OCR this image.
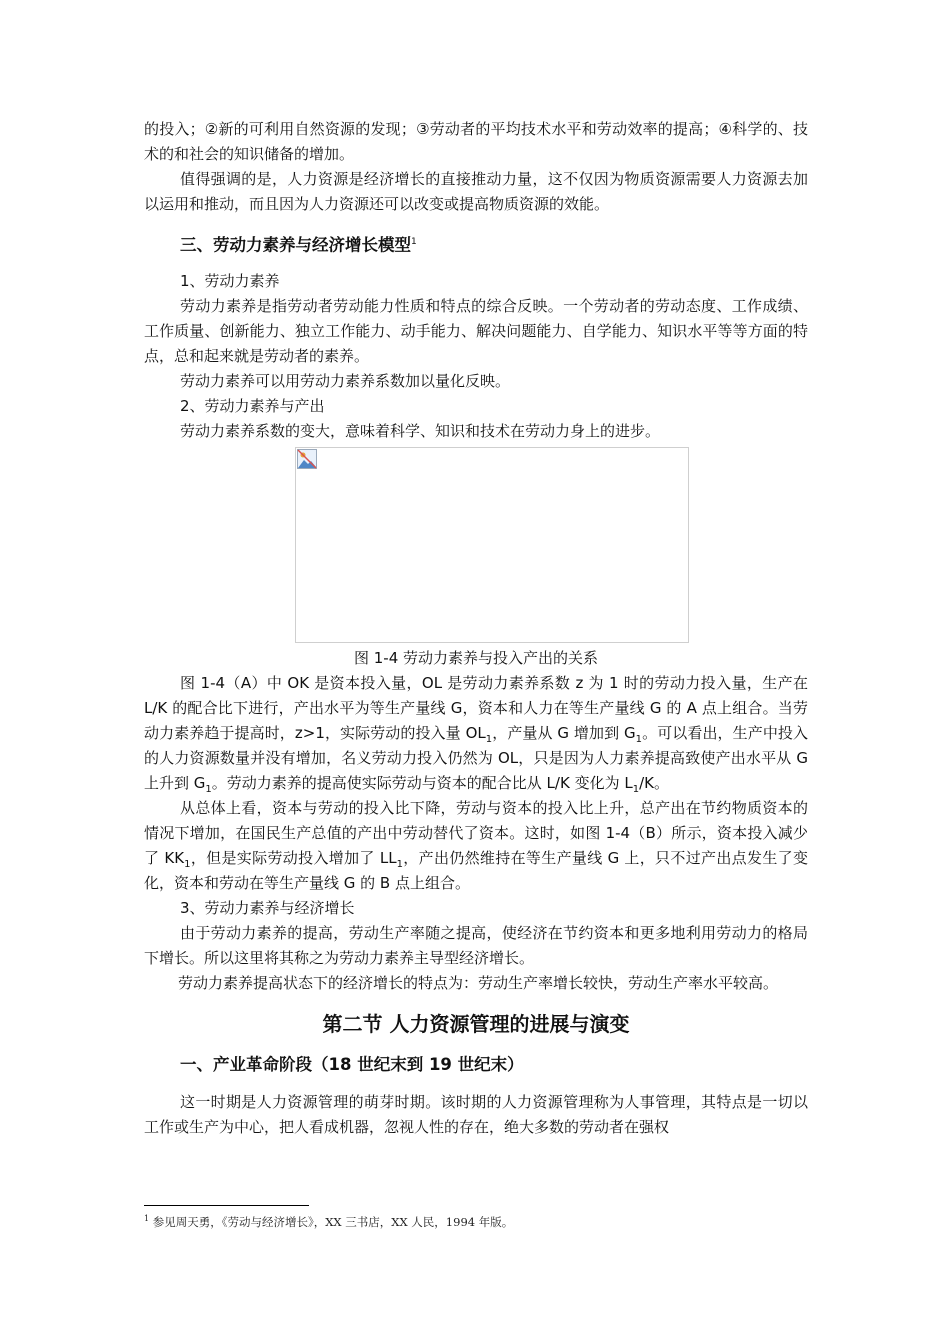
的投入；②新的可利用自然资源的发现；③劳动者的平均技术水平和劳动效率的提高；④科学的、技术的和社会的知识储备的增加。

值得强调的是，人力资源是经济增长的直接推动力量，这不仅因为物质资源需要人力资源去加以运用和推动，而且因为人力资源还可以改变或提高物质资源的效能。

三、劳动力素养与经济增长模型$^1$

1、劳动力素养

劳动力素养是指劳动者劳动能力性质和特点的综合反映。一个劳动者的劳动态度、工作成绩、工作质量、创新能力、独立工作能力、动手能力、解决问题能力、自学能力、知识水平等等方面的特点，总和起来就是劳动者的素养。

劳动力素养可以用劳动力素养系数加以量化反映。

2、劳动力素养与产出

劳动力素养系数的变大，意味着科学、知识和技术在劳动力身上的进步。

图 1-4 劳动力素养与投入产出的关系

图 1-4（A）中 OK 是资本投入量，OL 是劳动力素养系数 z 为 1 时的劳动力投入量，生产在 L/K 的配合比下进行，产出水平为等生产量线 G，资本和人力在等生产量线 G 的 A 点上组合。当劳动力素养趋于提高时，z>1，实际劳动的投入量 $OL_1$，产量从 G 增加到 $G_1$。可以看出，生产中投入的人力资源数量并没有增加，名义劳动力投入仍然为 OL，只是因为人力素养提高致使产出水平从 G 上升到 $G_1$。劳动力素养的提高使实际劳动与资本的配合比从 L/K 变化为 $L_1/K$。

从总体上看，资本与劳动的投入比下降，劳动与资本的投入比上升，总产出在节约物质资本的情况下增加，在国民生产总值的产出中劳动替代了资本。这时，如图 1-4（B）所示，资本投入减少了 $KK_1$，但是实际劳动投入增加了 $LL_1$，产出仍然维持在等生产量线 G 上，只不过产出点发生了变化，资本和劳动在等生产量线 G 的 B 点上组合。

3、劳动力素养与经济增长

由于劳动力素养的提高，劳动生产率随之提高，使经济在节约资本和更多地利用劳动力的格局下增长。所以这里将其称之为劳动力素养主导型经济增长。

劳动力素养提高状态下的经济增长的特点为：劳动生产率增长较快，劳动生产率水平较高。

第二节 人力资源管理的进展与演变
一、产业革命阶段（18 世纪末到 19 世纪末）

这一时期是人力资源管理的萌芽时期。该时期的人力资源管理称为人事管理，其特点是一切以工作或生产为中心，把人看成机器，忽视人性的存在，绝大多数的劳动者在强权

$^1$ 参见周天勇，《劳动与经济增长》，XX 三书店，XX 人民，1994 年版。
